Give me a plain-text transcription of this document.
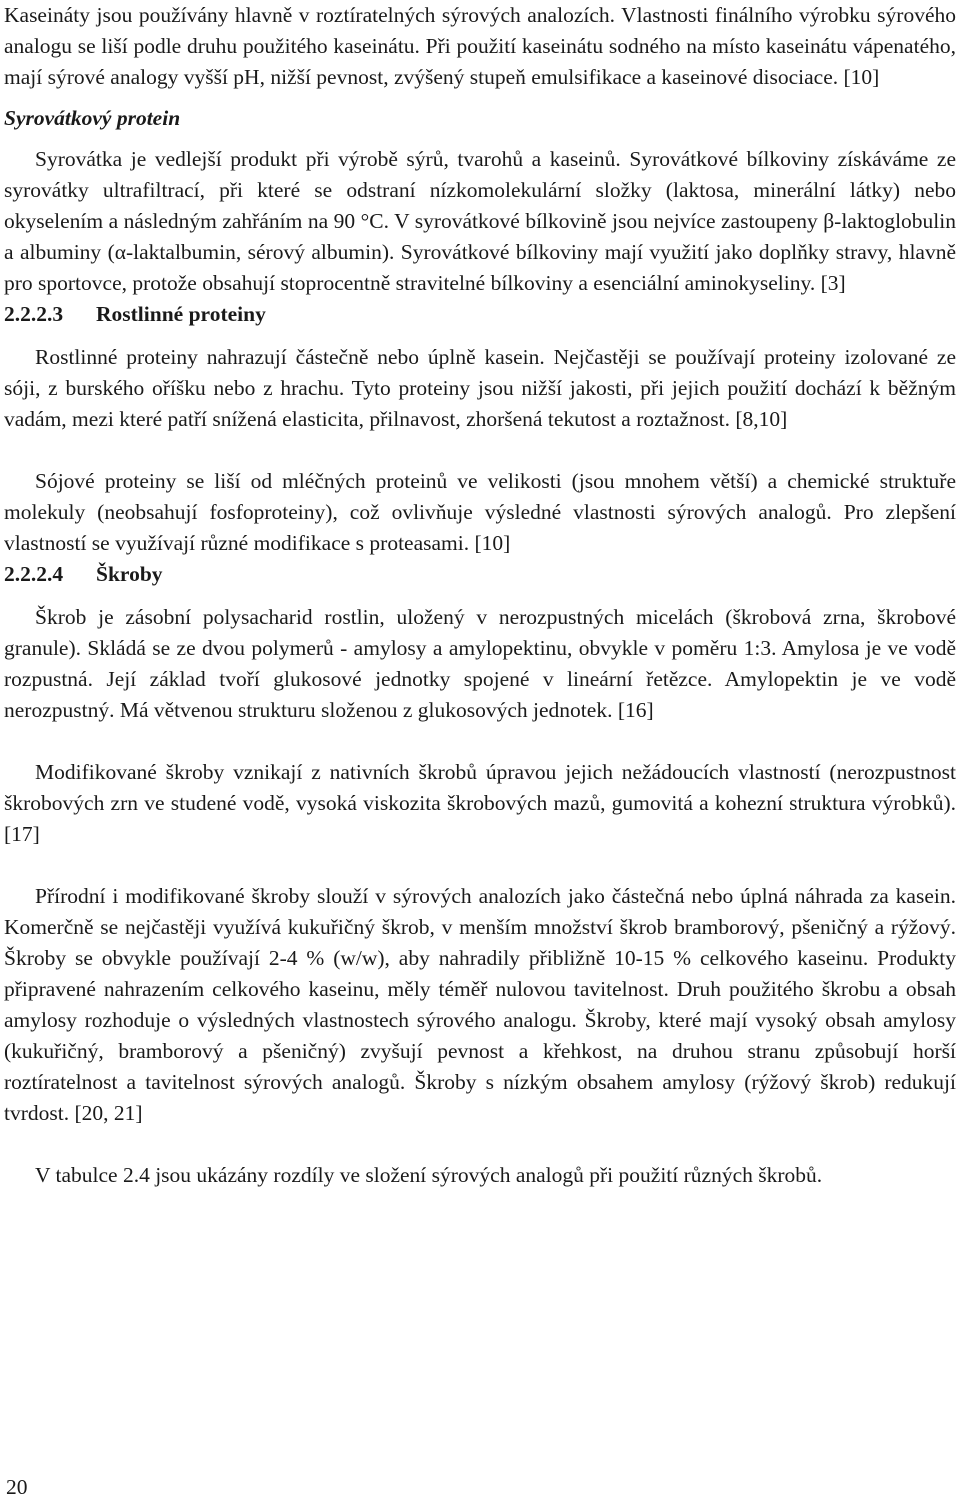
Kaseináty jsou používány hlavně v roztíratelných sýrových analozích. Vlastnosti finálního výrobku sýrového analogu se liší podle druhu použitého kaseinátu. Při použití kaseinátu sodného na místo kaseinátu vápenatého, mají sýrové analogy vyšší pH, nižší pevnost, zvýšený stupeň emulsifikace a kaseinové disociace. [10]

Syrovátkový protein

Syrovátka je vedlejší produkt při výrobě sýrů, tvarohů a kaseinů. Syrovátkové bílkoviny získáváme ze syrovátky ultrafiltrací, při které se odstraní nízkomolekulární složky (laktosa, minerální látky) nebo okyselením a následným zahřáním na 90 °C. V syrovátkové bílkovině jsou nejvíce zastoupeny β-laktoglobulin a albuminy (α-laktalbumin, sérový albumin). Syrovátkové bílkoviny mají využití jako doplňky stravy, hlavně pro sportovce, protože obsahují stoprocentně stravitelné bílkoviny a esenciální aminokyseliny. [3]

2.2.2.3	Rostlinné proteiny

Rostlinné proteiny nahrazují částečně nebo úplně kasein. Nejčastěji se používají proteiny izolované ze sóji, z burského oříšku nebo z hrachu. Tyto proteiny jsou nižší jakosti, při jejich použití dochází k běžným vadám, mezi které patří snížená elasticita, přilnavost, zhoršená tekutost a roztažnost. [8,10]

Sójové proteiny se liší od mléčných proteinů ve velikosti (jsou mnohem větší) a chemické struktuře molekuly (neobsahují fosfoproteiny), což ovlivňuje výsledné vlastnosti sýrových analogů. Pro zlepšení vlastností se využívají různé modifikace s proteasami. [10]

2.2.2.4	Škroby

Škrob je zásobní polysacharid rostlin, uložený v nerozpustných micelách (škrobová zrna, škrobové granule). Skládá se ze dvou polymerů - amylosy a amylopektinu, obvykle v poměru 1:3. Amylosa je ve vodě rozpustná. Její základ tvoří glukosové jednotky spojené v lineární řetězce. Amylopektin je ve vodě nerozpustný. Má větvenou strukturu složenou z glukosových jednotek. [16]

Modifikované škroby vznikají z nativních škrobů úpravou jejich nežádoucích vlastností (nerozpustnost škrobových zrn ve studené vodě, vysoká viskozita škrobových mazů, gumovitá a kohezní struktura výrobků). [17]

Přírodní i modifikované škroby slouží v sýrových analozích jako částečná nebo úplná náhrada za kasein. Komerčně se nejčastěji využívá kukuřičný škrob, v menším množství škrob bramborový, pšeničný a rýžový. Škroby se obvykle používají 2-4 % (w/w), aby nahradily přibližně 10-15 % celkového kaseinu. Produkty připravené nahrazením celkového kaseinu, měly téměř nulovou tavitelnost. Druh použitého škrobu a obsah amylosy rozhoduje o výsledných vlastnostech sýrového analogu. Škroby, které mají vysoký obsah amylosy (kukuřičný, bramborový a pšeničný) zvyšují pevnost a křehkost, na druhou stranu způsobují horší roztíratelnost a tavitelnost sýrových analogů. Škroby s nízkým obsahem amylosy (rýžový škrob) redukují tvrdost. [20, 21]

V tabulce 2.4 jsou ukázány rozdíly ve složení sýrových analogů při použití různých škrobů.

20
